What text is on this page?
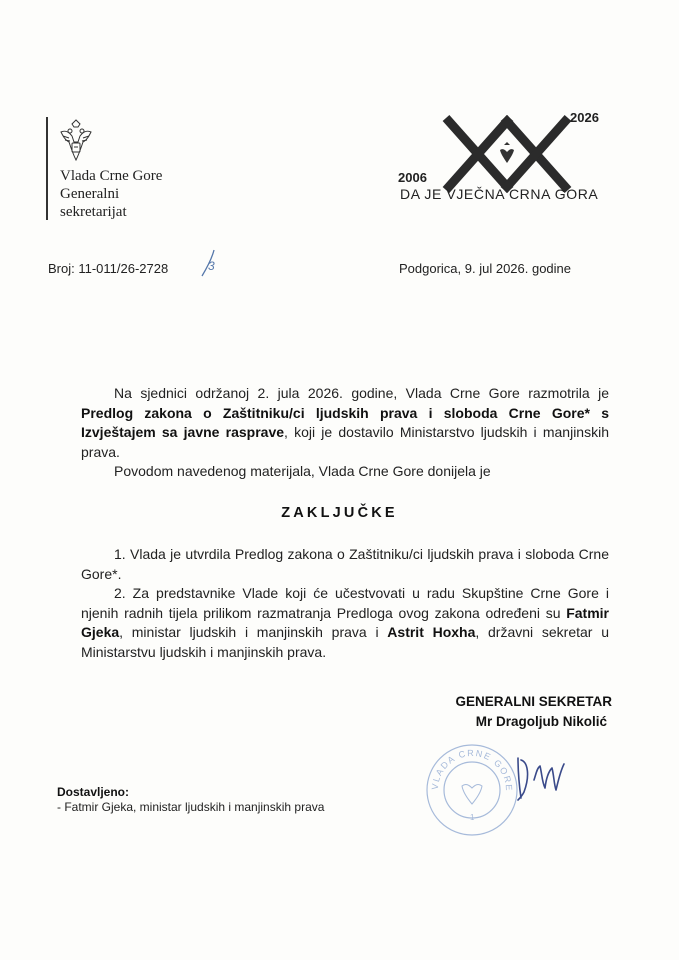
Vlada Crne Gore
Generalni
sekretarijat
2026
2006
DA JE VJEČNA CRNA GORA
Broj: 11-011/26-2728	3	Podgorica, 9. jul 2026. godine
Na sjednici održanoj 2. jula 2026. godine, Vlada Crne Gore razmotrila je Predlog zakona o Zaštitniku/ci ljudskih prava i sloboda Crne Gore* s Izvještajem sa javne rasprave, koji je dostavilo Ministarstvo ljudskih i manjinskih prava.
Povodom navedenog materijala, Vlada Crne Gore donijela je
ZAKLJUČKE
1. Vlada je utvrdila Predlog zakona o Zaštitniku/ci ljudskih prava i sloboda Crne Gore*.
2. Za predstavnike Vlade koji će učestvovati u radu Skupštine Crne Gore i njenih radnih tijela prilikom razmatranja Predloga ovog zakona određeni su Fatmir Gjeka, ministar ljudskih i manjinskih prava i Astrit Hoxha, državni sekretar u Ministarstvu ljudskih i manjinskih prava.
GENERALNI SEKRETAR
Mr Dragoljub Nikolić
VLADA CRNE GORE
1
Dostavljeno:
- Fatmir Gjeka, ministar ljudskih i manjinskih prava
